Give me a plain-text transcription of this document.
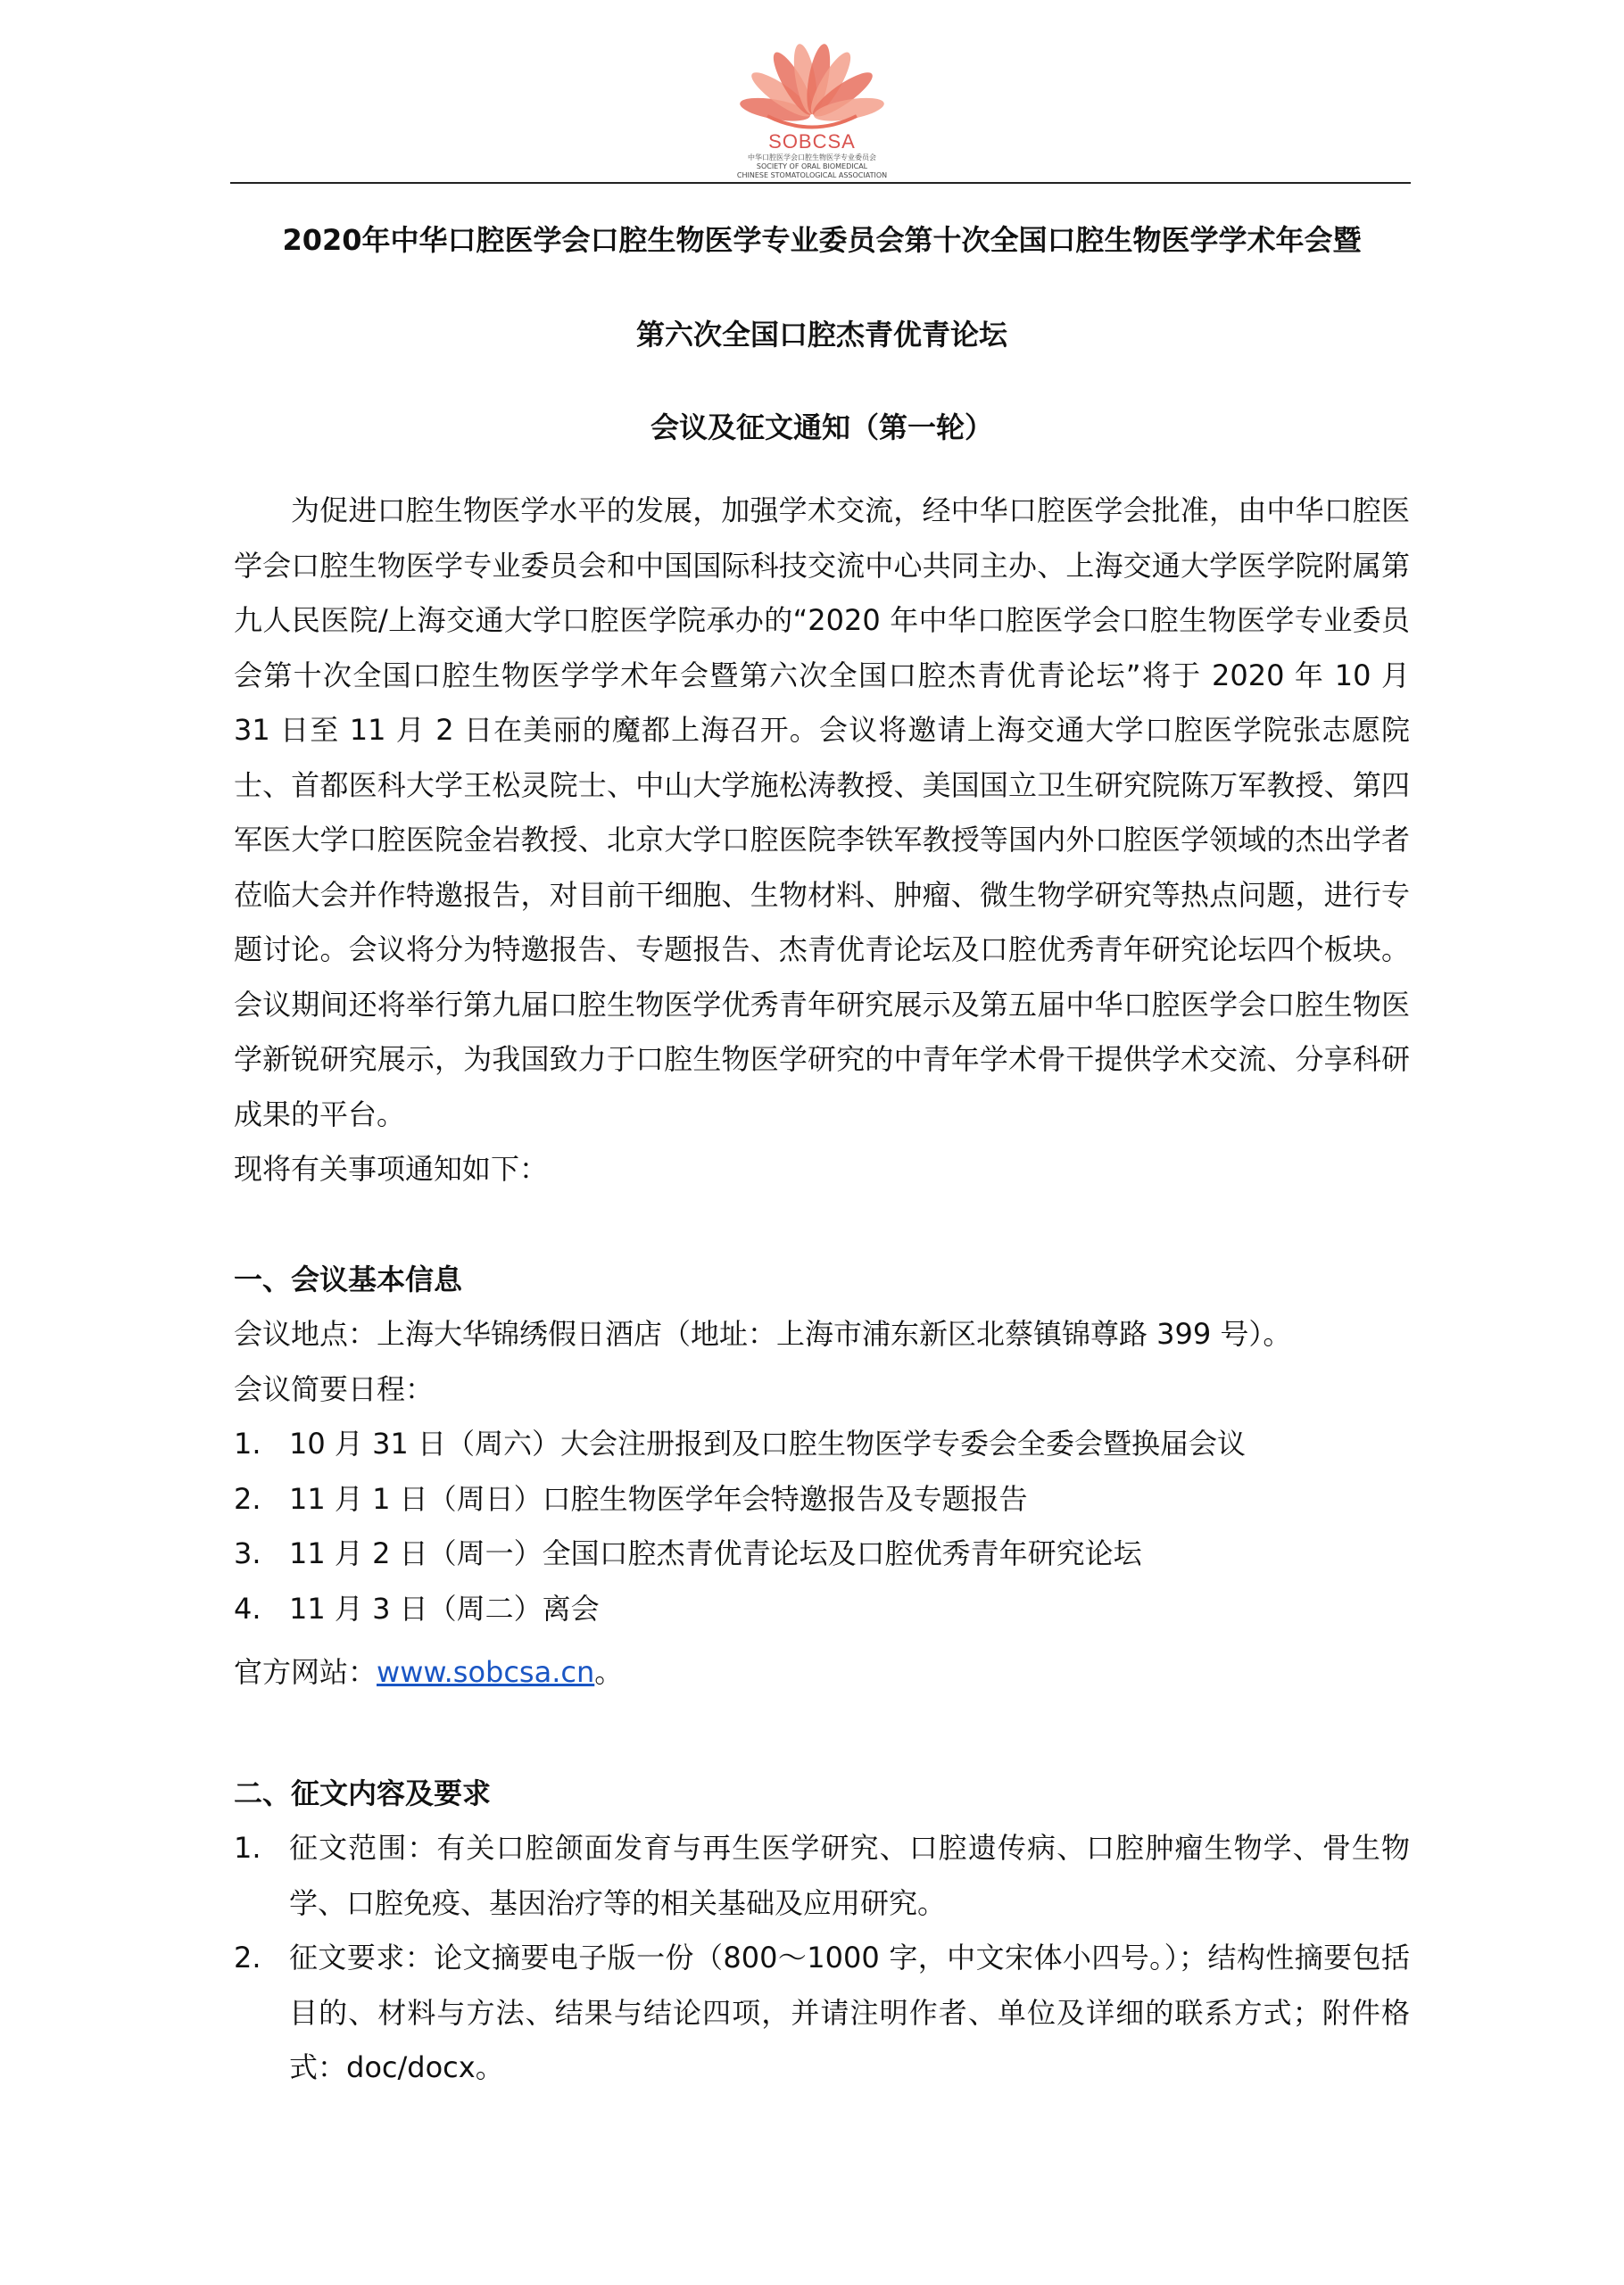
SOBCSA
中华口腔医学会口腔生物医学专业委员会
SOCIETY OF ORAL BIOMEDICAL
CHINESE STOMATOLOGICAL ASSOCIATION

2020年中华口腔医学会口腔生物医学专业委员会第十次全国口腔生物医学学术年会暨

第六次全国口腔杰青优青论坛

会议及征文通知（第一轮）

为促进口腔生物医学水平的发展，加强学术交流，经中华口腔医学会批准，由中华口腔医学会口腔生物医学专业委员会和中国国际科技交流中心共同主办、上海交通大学医学院附属第九人民医院/上海交通大学口腔医学院承办的“2020 年中华口腔医学会口腔生物医学专业委员会第十次全国口腔生物医学学术年会暨第六次全国口腔杰青优青论坛”将于 2020 年 10 月 31 日至 11 月 2 日在美丽的魔都上海召开。会议将邀请上海交通大学口腔医学院张志愿院士、首都医科大学王松灵院士、中山大学施松涛教授、美国国立卫生研究院陈万军教授、第四军医大学口腔医院金岩教授、北京大学口腔医院李铁军教授等国内外口腔医学领域的杰出学者莅临大会并作特邀报告，对目前干细胞、生物材料、肿瘤、微生物学研究等热点问题，进行专题讨论。会议将分为特邀报告、专题报告、杰青优青论坛及口腔优秀青年研究论坛四个板块。会议期间还将举行第九届口腔生物医学优秀青年研究展示及第五届中华口腔医学会口腔生物医学新锐研究展示，为我国致力于口腔生物医学研究的中青年学术骨干提供学术交流、分享科研成果的平台。

现将有关事项通知如下：

一、会议基本信息

会议地点：上海大华锦绣假日酒店（地址：上海市浦东新区北蔡镇锦尊路 399 号）。

会议简要日程：

1. 10 月 31 日（周六）大会注册报到及口腔生物医学专委会全委会暨换届会议
2. 11 月 1 日（周日）口腔生物医学年会特邀报告及专题报告
3. 11 月 2 日（周一）全国口腔杰青优青论坛及口腔优秀青年研究论坛
4. 11 月 3 日（周二）离会
官方网站：www.sobcsa.cn。
二、征文内容及要求
1. 征文范围：有关口腔颌面发育与再生医学研究、口腔遗传病、口腔肿瘤生物学、骨生物学、口腔免疫、基因治疗等的相关基础及应用研究。
2. 征文要求：论文摘要电子版一份（800～1000 字，中文宋体小四号。）；结构性摘要包括目的、材料与方法、结果与结论四项，并请注明作者、单位及详细的联系方式；附件格式：doc/docx。
